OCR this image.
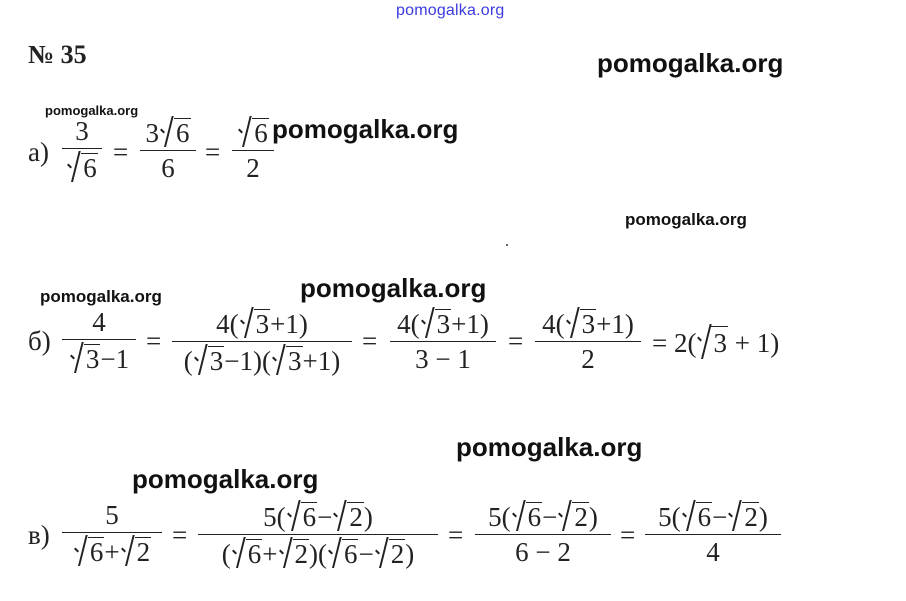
pomogalka.org
pomogalka.org
pomogalka.org
pomogalka.org
pomogalka.org
pomogalka.org
pomogalka.org
pomogalka.org
pomogalka.org
№ 35
а)
3
6
=
3 6
6
=
6
2
б)
4
3−1
=
4( 3+1)
( 3−1)( 3+1)
=
4( 3+1)
3 − 1
=
4( 3+1)
2
= 2( 3 + 1)
в)
5
6+ 2
=
5( 6− 2)
( 6+ 2)( 6− 2)
=
5( 6− 2)
6 − 2
=
5( 6− 2)
4
